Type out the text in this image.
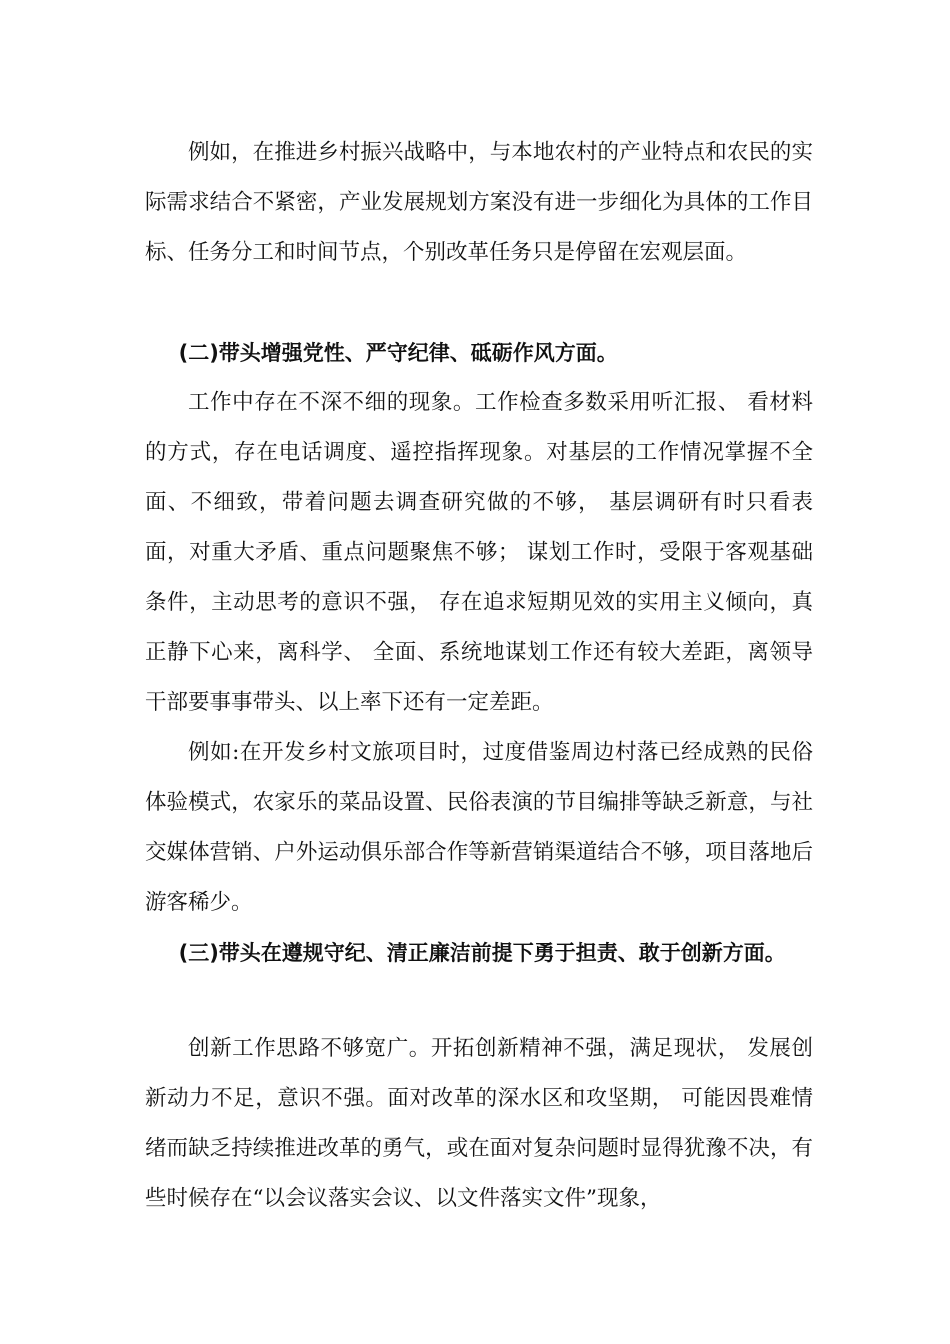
例如，在推进乡村振兴战略中，与本地农村的产业特点和农民的实际需求结合不紧密，产业发展规划方案没有进一步细化为具体的工作目标、任务分工和时间节点，个别改革任务只是停留在宏观层面。

(二)带头增强党性、严守纪律、砥砺作风方面。

工作中存在不深不细的现象。工作检查多数采用听汇报、 看材料的方式，存在电话调度、遥控指挥现象。对基层的工作情况掌握不全面、不细致，带着问题去调查研究做的不够， 基层调研有时只看表面，对重大矛盾、重点问题聚焦不够； 谋划工作时，受限于客观基础条件，主动思考的意识不强， 存在追求短期见效的实用主义倾向，真正静下心来，离科学、 全面、系统地谋划工作还有较大差距，离领导干部要事事带头、以上率下还有一定差距。

例如:在开发乡村文旅项目时，过度借鉴周边村落已经成熟的民俗体验模式，农家乐的菜品设置、民俗表演的节目编排等缺乏新意，与社交媒体营销、户外运动俱乐部合作等新营销渠道结合不够，项目落地后游客稀少。

(三)带头在遵规守纪、清正廉洁前提下勇于担责、敢于创新方面。

创新工作思路不够宽广。开拓创新精神不强，满足现状， 发展创新动力不足，意识不强。面对改革的深水区和攻坚期， 可能因畏难情绪而缺乏持续推进改革的勇气，或在面对复杂问题时显得犹豫不决，有些时候存在“以会议落实会议、以文件落实文件”现象，
